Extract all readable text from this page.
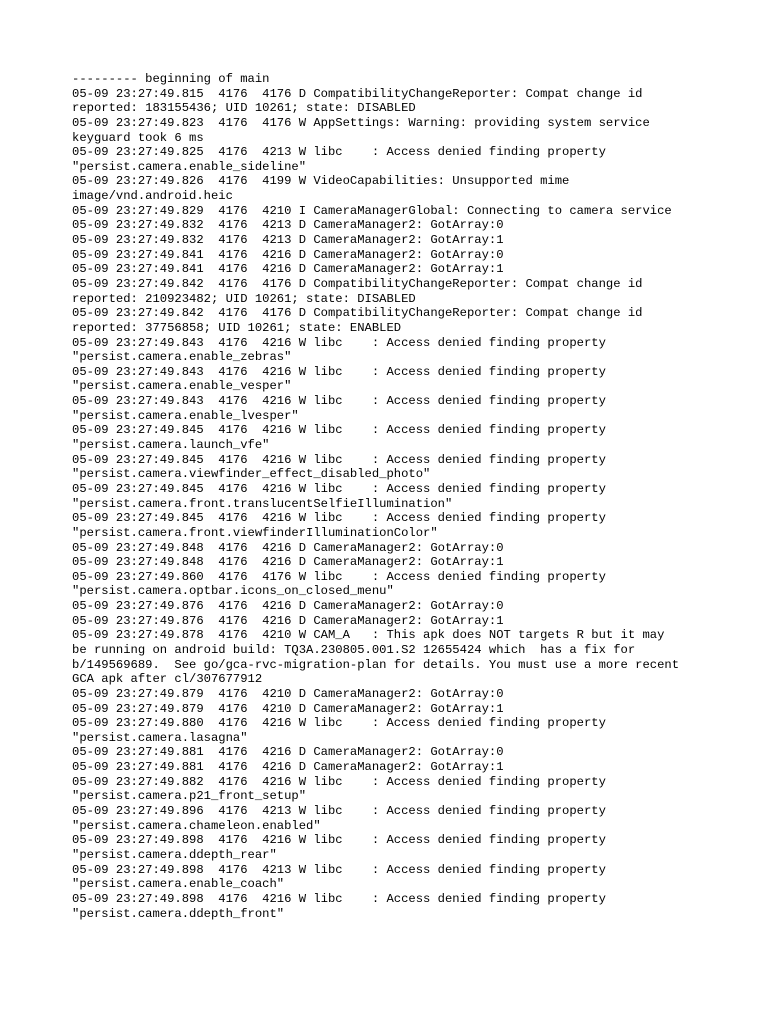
--------- beginning of main
05-09 23:27:49.815  4176  4176 D CompatibilityChangeReporter: Compat change id
reported: 183155436; UID 10261; state: DISABLED
05-09 23:27:49.823  4176  4176 W AppSettings: Warning: providing system service
keyguard took 6 ms
05-09 23:27:49.825  4176  4213 W libc    : Access denied finding property
"persist.camera.enable_sideline"
05-09 23:27:49.826  4176  4199 W VideoCapabilities: Unsupported mime
image/vnd.android.heic
05-09 23:27:49.829  4176  4210 I CameraManagerGlobal: Connecting to camera service
05-09 23:27:49.832  4176  4213 D CameraManager2: GotArray:0
05-09 23:27:49.832  4176  4213 D CameraManager2: GotArray:1
05-09 23:27:49.841  4176  4216 D CameraManager2: GotArray:0
05-09 23:27:49.841  4176  4216 D CameraManager2: GotArray:1
05-09 23:27:49.842  4176  4176 D CompatibilityChangeReporter: Compat change id
reported: 210923482; UID 10261; state: DISABLED
05-09 23:27:49.842  4176  4176 D CompatibilityChangeReporter: Compat change id
reported: 37756858; UID 10261; state: ENABLED
05-09 23:27:49.843  4176  4216 W libc    : Access denied finding property
"persist.camera.enable_zebras"
05-09 23:27:49.843  4176  4216 W libc    : Access denied finding property
"persist.camera.enable_vesper"
05-09 23:27:49.843  4176  4216 W libc    : Access denied finding property
"persist.camera.enable_lvesper"
05-09 23:27:49.845  4176  4216 W libc    : Access denied finding property
"persist.camera.launch_vfe"
05-09 23:27:49.845  4176  4216 W libc    : Access denied finding property
"persist.camera.viewfinder_effect_disabled_photo"
05-09 23:27:49.845  4176  4216 W libc    : Access denied finding property
"persist.camera.front.translucentSelfieIllumination"
05-09 23:27:49.845  4176  4216 W libc    : Access denied finding property
"persist.camera.front.viewfinderIlluminationColor"
05-09 23:27:49.848  4176  4216 D CameraManager2: GotArray:0
05-09 23:27:49.848  4176  4216 D CameraManager2: GotArray:1
05-09 23:27:49.860  4176  4176 W libc    : Access denied finding property
"persist.camera.optbar.icons_on_closed_menu"
05-09 23:27:49.876  4176  4216 D CameraManager2: GotArray:0
05-09 23:27:49.876  4176  4216 D CameraManager2: GotArray:1
05-09 23:27:49.878  4176  4210 W CAM_A   : This apk does NOT targets R but it may
be running on android build: TQ3A.230805.001.S2 12655424 which  has a fix for
b/149569689.  See go/gca-rvc-migration-plan for details. You must use a more recent
GCA apk after cl/307677912
05-09 23:27:49.879  4176  4210 D CameraManager2: GotArray:0
05-09 23:27:49.879  4176  4210 D CameraManager2: GotArray:1
05-09 23:27:49.880  4176  4216 W libc    : Access denied finding property
"persist.camera.lasagna"
05-09 23:27:49.881  4176  4216 D CameraManager2: GotArray:0
05-09 23:27:49.881  4176  4216 D CameraManager2: GotArray:1
05-09 23:27:49.882  4176  4216 W libc    : Access denied finding property
"persist.camera.p21_front_setup"
05-09 23:27:49.896  4176  4213 W libc    : Access denied finding property
"persist.camera.chameleon.enabled"
05-09 23:27:49.898  4176  4216 W libc    : Access denied finding property
"persist.camera.ddepth_rear"
05-09 23:27:49.898  4176  4213 W libc    : Access denied finding property
"persist.camera.enable_coach"
05-09 23:27:49.898  4176  4216 W libc    : Access denied finding property
"persist.camera.ddepth_front"
